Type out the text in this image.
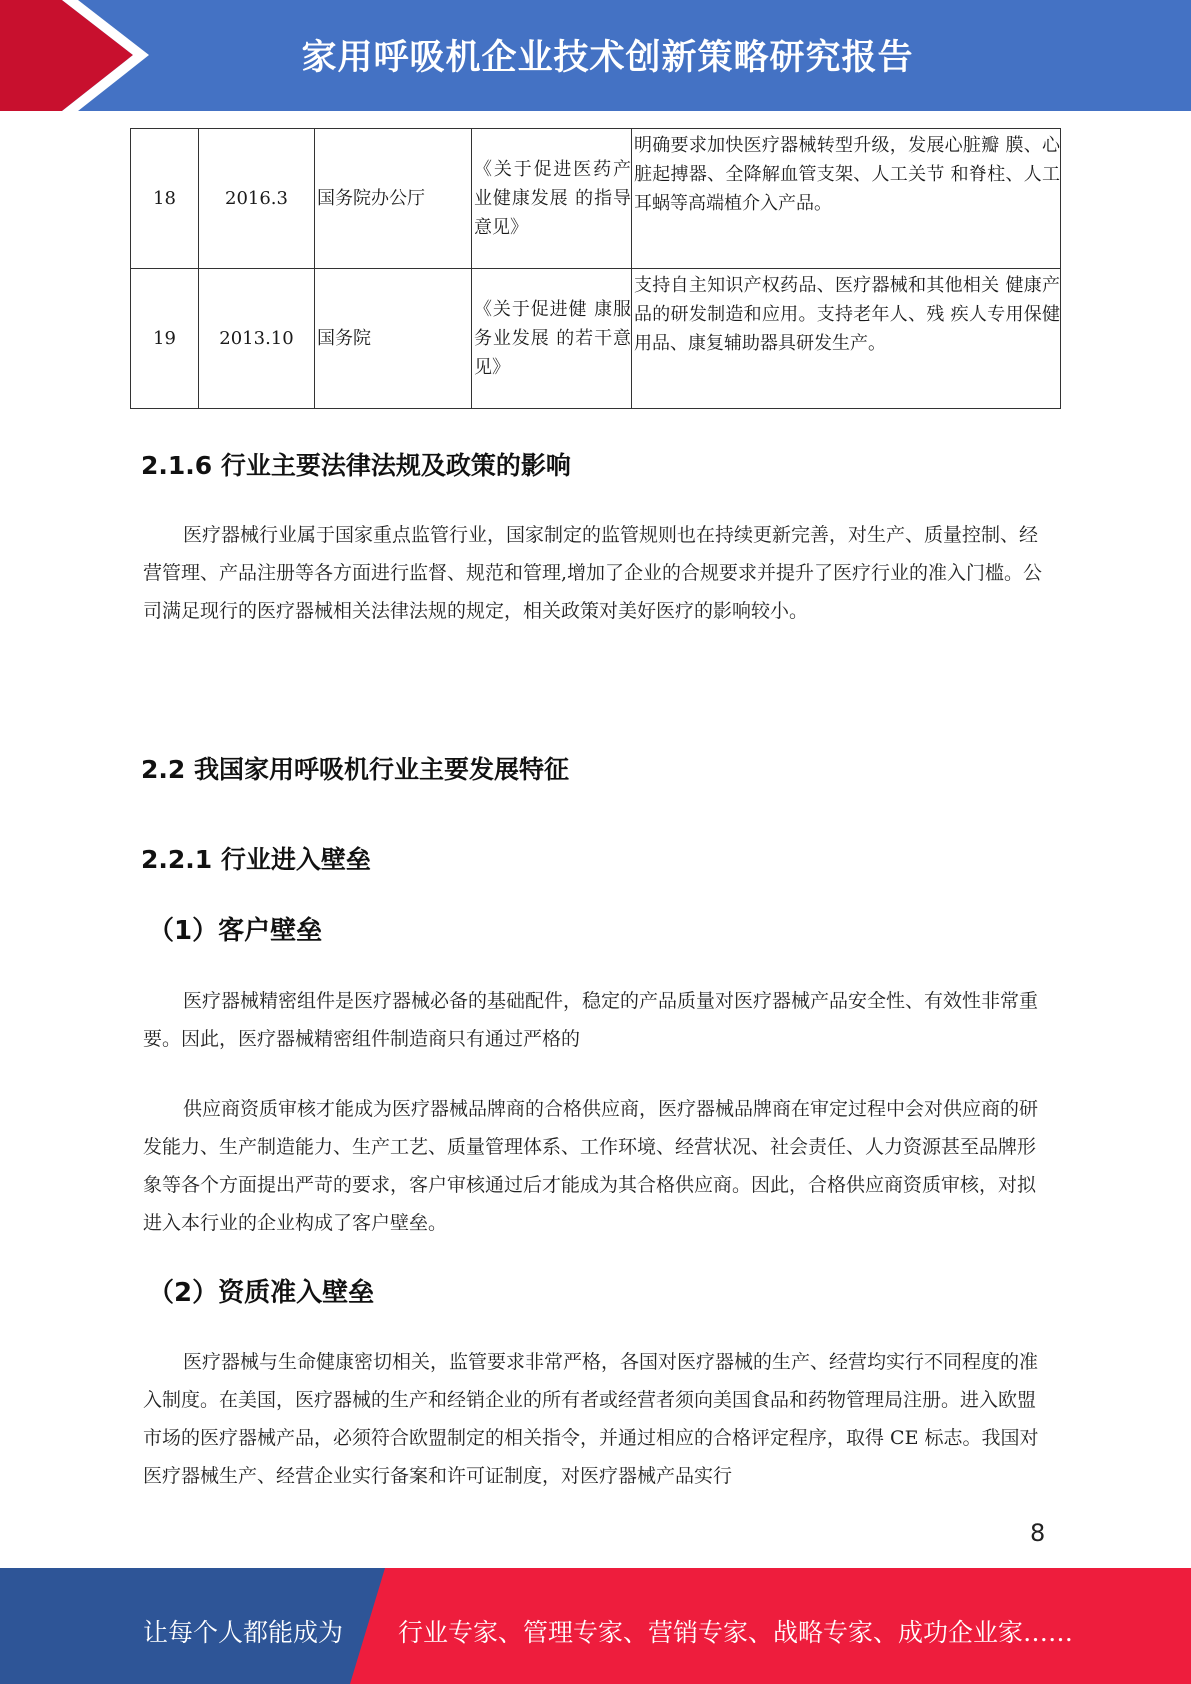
家用呼吸机企业技术创新策略研究报告
18	2016.3	国务院办公厅	《关于促进医药产业健康发展 的指导意见》	明确要求加快医疗器械转型升级，发展心脏瓣 膜、心脏起搏器、全降解血管支架、人工关节 和脊柱、人工耳蜗等高端植介入产品。
19	2013.10	国务院	《关于促进健 康服务业发展 的若干意见》	支持自主知识产权药品、医疗器械和其他相关 健康产品的研发制造和应用。支持老年人、残 疾人专用保健用品、康复辅助器具研发生产。
2.1.6 行业主要法律法规及政策的影响

医疗器械行业属于国家重点监管行业，国家制定的监管规则也在持续更新完善，对生产、质量控制、经营管理、产品注册等各方面进行监督、规范和管理,增加了企业的合规要求并提升了医疗行业的准入门槛。公司满足现行的医疗器械相关法律法规的规定，相关政策对美好医疗的影响较小。

2.2 我国家用呼吸机行业主要发展特征
2.2.1 行业进入壁垒
（1）客户壁垒

医疗器械精密组件是医疗器械必备的基础配件，稳定的产品质量对医疗器械产品安全性、有效性非常重要。因此，医疗器械精密组件制造商只有通过严格的

供应商资质审核才能成为医疗器械品牌商的合格供应商，医疗器械品牌商在审定过程中会对供应商的研发能力、生产制造能力、生产工艺、质量管理体系、工作环境、经营状况、社会责任、人力资源甚至品牌形象等各个方面提出严苛的要求，客户审核通过后才能成为其合格供应商。因此，合格供应商资质审核，对拟进入本行业的企业构成了客户壁垒。

（2）资质准入壁垒

医疗器械与生命健康密切相关，监管要求非常严格，各国对医疗器械的生产、经营均实行不同程度的准入制度。在美国，医疗器械的生产和经销企业的所有者或经营者须向美国食品和药物管理局注册。进入欧盟市场的医疗器械产品，必须符合欧盟制定的相关指令，并通过相应的合格评定程序，取得 CE 标志。我国对医疗器械生产、经营企业实行备案和许可证制度，对医疗器械产品实行

8
让每个人都能成为 行业专家、管理专家、营销专家、战略专家、成功企业家……
